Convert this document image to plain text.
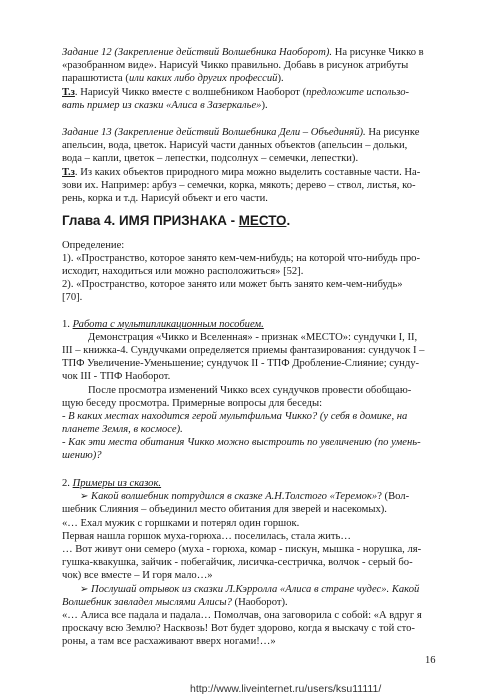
Задание 12 (Закрепление действий Волшебника Наоборот). На рисунке Чикко в
«разобранном виде». Нарисуй Чикко правильно. Добавь в рисунок атрибуты
парашютиста (или каких либо других профессий).
Т.з. Нарисуй Чикко вместе с волшебником Наоборот (предложите использо-
вать пример из сказки «Алиса в Зазеркалье»).
Задание 13 (Закрепление действий Волшебника Дели – Объединяй). На рисунке
апельсин, вода, цветок. Нарисуй части данных объектов (апельсин – дольки,
вода – капли, цветок – лепестки, подсолнух – семечки, лепестки).
Т.з. Из каких объектов природного мира можно выделить составные части. На-
зови их. Например: арбуз – семечки, корка, мякоть; дерево – ствол, листья, ко-
рень, корка и т.д. Нарисуй объект и его части.
Глава 4. ИМЯ ПРИЗНАКА - МЕСТО.
Определение:
1). «Пространство, которое занято кем-чем-нибудь; на которой что-нибудь про-
исходит, находиться или можно расположиться» [52].
2). «Пространство, которое занято или может быть занято кем-чем-нибудь»
[70].
1. Работа с мультипликационным пособием.
Демонстрация «Чикко и Вселенная» - признак «МЕСТО»: сундучки I, II,
III – книжка-4. Сундучками определяется приемы фантазирования: сундучок I –
ТПФ Увеличение-Уменьшение; сундучок II - ТПФ Дробление-Слияние; сунду-
чок III - ТПФ Наоборот.
После просмотра изменений Чикко всех сундучков провести обобщаю-
щую беседу просмотра. Примерные вопросы для беседы:
- В каких местах находится герой мультфильма Чикко? (у себя в домике, на
планете Земля, в космосе).
- Как эти места обитания Чикко можно выстроить по увеличению (по умень-
шению)?
2. Примеры из сказок.
➢ Какой волшебник потрудился в сказке А.Н.Толстого «Теремок»? (Вол-
шебник Слияния – объединил место обитания для зверей и насекомых).
«… Ехал мужик с горшками и потерял один горшок.
Первая нашла горшок муха-горюха… поселилась, стала жить…
… Вот живут они семеро (муха - горюха, комар - пискун, мышка - норушка, ля-
гушка-квакушка, зайчик - побегайчик, лисичка-сестричка, волчок - серый бо-
чок) все вместе – И горя мало…»
➢ Послушай отрывок из сказки Л.Кэрролла «Алиса в стране чудес». Какой
Волшебник завладел мыслями Алисы? (Наоборот).
«… Алиса все падала и падала… Помолчав, она заговорила с собой: «А вдруг я
проскачу всю Землю? Насквозь! Вот будет здорово, когда я выскачу с той сто-
роны, а там все расхаживают вверх ногами!…»
16
http://www.liveinternet.ru/users/ksu11111/
